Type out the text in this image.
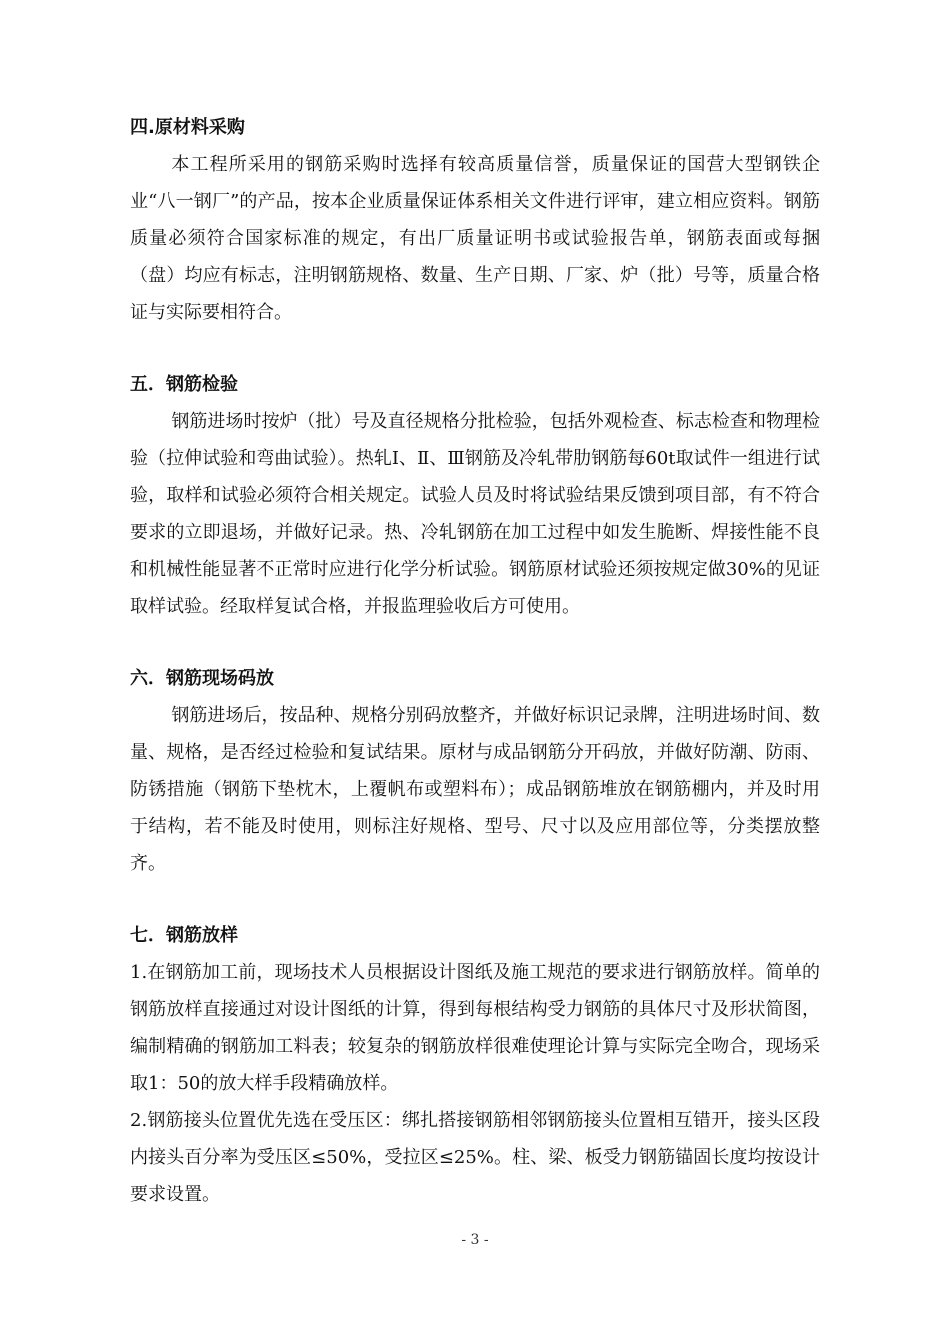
四.原材料采购

本工程所采用的钢筋采购时选择有较高质量信誉，质量保证的国营大型钢铁企业“八一钢厂”的产品，按本企业质量保证体系相关文件进行评审，建立相应资料。钢筋质量必须符合国家标准的规定，有出厂质量证明书或试验报告单，钢筋表面或每捆（盘）均应有标志，注明钢筋规格、数量、生产日期、厂家、炉（批）号等，质量合格证与实际要相符合。

五．钢筋检验

钢筋进场时按炉（批）号及直径规格分批检验，包括外观检查、标志检查和物理检验（拉伸试验和弯曲试验）。热轧Ⅰ、Ⅱ、Ⅲ钢筋及冷轧带肋钢筋每60t取试件一组进行试验，取样和试验必须符合相关规定。试验人员及时将试验结果反馈到项目部，有不符合要求的立即退场，并做好记录。热、冷轧钢筋在加工过程中如发生脆断、焊接性能不良和机械性能显著不正常时应进行化学分析试验。钢筋原材试验还须按规定做30%的见证取样试验。经取样复试合格，并报监理验收后方可使用。

六．钢筋现场码放

钢筋进场后，按品种、规格分别码放整齐，并做好标识记录牌，注明进场时间、数量、规格，是否经过检验和复试结果。原材与成品钢筋分开码放，并做好防潮、防雨、防锈措施（钢筋下垫枕木，上覆帆布或塑料布）；成品钢筋堆放在钢筋棚内，并及时用于结构，若不能及时使用，则标注好规格、型号、尺寸以及应用部位等，分类摆放整齐。

七．钢筋放样

1.在钢筋加工前，现场技术人员根据设计图纸及施工规范的要求进行钢筋放样。简单的钢筋放样直接通过对设计图纸的计算，得到每根结构受力钢筋的具体尺寸及形状简图，编制精确的钢筋加工料表；较复杂的钢筋放样很难使理论计算与实际完全吻合，现场采取1：50的放大样手段精确放样。

2.钢筋接头位置优先选在受压区：绑扎搭接钢筋相邻钢筋接头位置相互错开，接头区段内接头百分率为受压区≤50%，受拉区≤25%。柱、梁、板受力钢筋锚固长度均按设计要求设置。

- 3 -
